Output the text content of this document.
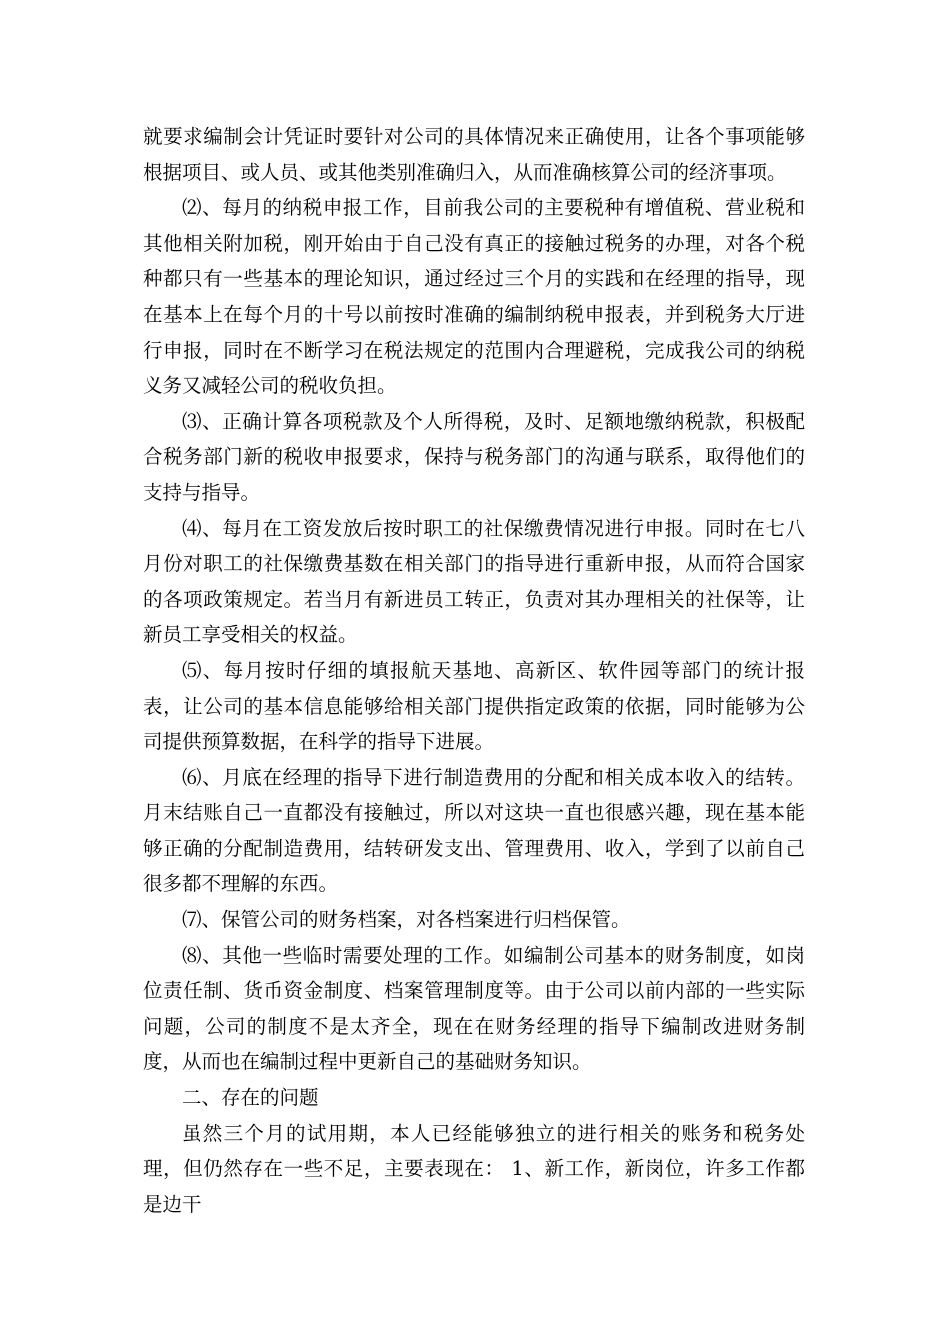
就要求编制会计凭证时要针对公司的具体情况来正确使用，让各个事项能够根据项目、或人员、或其他类别准确归入，从而准确核算公司的经济事项。

⑵、每月的纳税申报工作，目前我公司的主要税种有增值税、营业税和其他相关附加税，刚开始由于自己没有真正的接触过税务的办理，对各个税种都只有一些基本的理论知识，通过经过三个月的实践和在经理的指导，现在基本上在每个月的十号以前按时准确的编制纳税申报表，并到税务大厅进行申报，同时在不断学习在税法规定的范围内合理避税，完成我公司的纳税义务又减轻公司的税收负担。

⑶、正确计算各项税款及个人所得税，及时、足额地缴纳税款，积极配合税务部门新的税收申报要求，保持与税务部门的沟通与联系，取得他们的支持与指导。

⑷、每月在工资发放后按时职工的社保缴费情况进行申报。同时在七八月份对职工的社保缴费基数在相关部门的指导进行重新申报，从而符合国家的各项政策规定。若当月有新进员工转正，负责对其办理相关的社保等，让新员工享受相关的权益。

⑸、每月按时仔细的填报航天基地、高新区、软件园等部门的统计报表，让公司的基本信息能够给相关部门提供指定政策的依据，同时能够为公司提供预算数据，在科学的指导下进展。

⑹、月底在经理的指导下进行制造费用的分配和相关成本收入的结转。月末结账自己一直都没有接触过，所以对这块一直也很感兴趣，现在基本能够正确的分配制造费用，结转研发支出、管理费用、收入，学到了以前自己很多都不理解的东西。

⑺、保管公司的财务档案，对各档案进行归档保管。

⑻、其他一些临时需要处理的工作。如编制公司基本的财务制度，如岗位责任制、货币资金制度、档案管理制度等。由于公司以前内部的一些实际问题，公司的制度不是太齐全，现在在财务经理的指导下编制改进财务制度，从而也在编制过程中更新自己的基础财务知识。

二、存在的问题

虽然三个月的试用期，本人已经能够独立的进行相关的账务和税务处理，但仍然存在一些不足，主要表现在： 1、新工作，新岗位，许多工作都是边干
